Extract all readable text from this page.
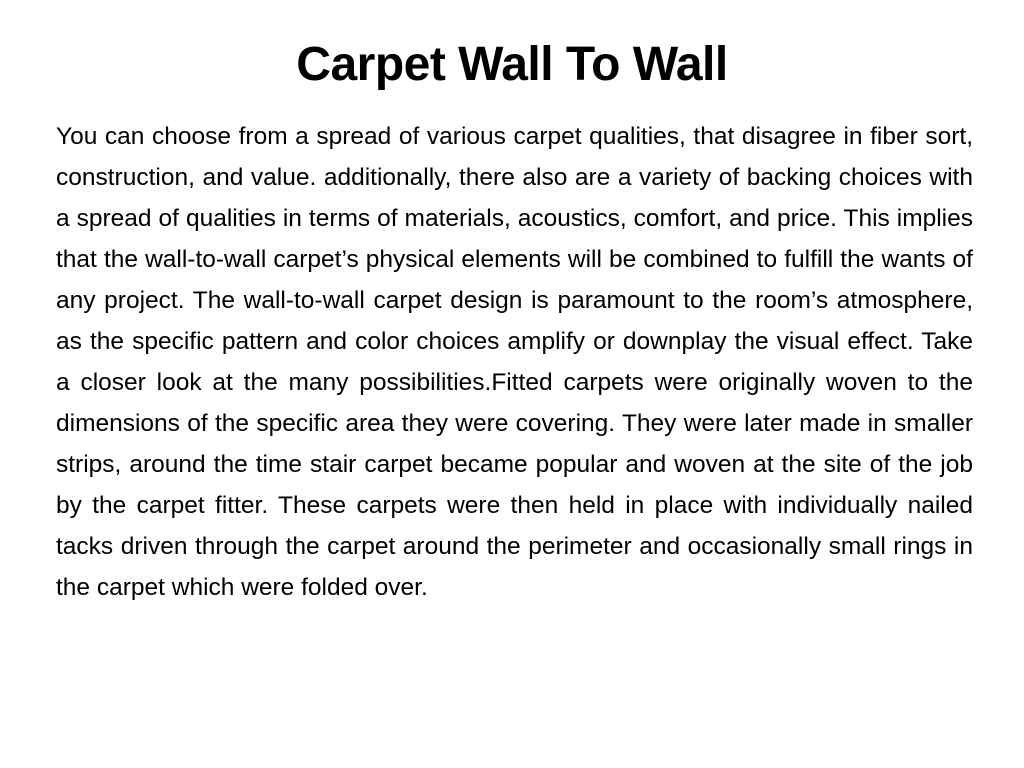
Carpet Wall To Wall

You can choose from a spread of various carpet qualities, that disagree in fiber sort, construction, and value. additionally, there also are a variety of backing choices with a spread of qualities in terms of materials, acoustics, comfort, and price. This implies that the wall-to-wall carpet’s physical elements will be combined to fulfill the wants of any project. The wall-to-wall carpet design is paramount to the room’s atmosphere, as the specific pattern and color choices amplify or downplay the visual effect. Take a closer look at the many possibilities.Fitted carpets were originally woven to the dimensions of the specific area they were covering. They were later made in smaller strips, around the time stair carpet became popular and woven at the site of the job by the carpet fitter. These carpets were then held in place with individually nailed tacks driven through the carpet around the perimeter and occasionally small rings in the carpet which were folded over.
